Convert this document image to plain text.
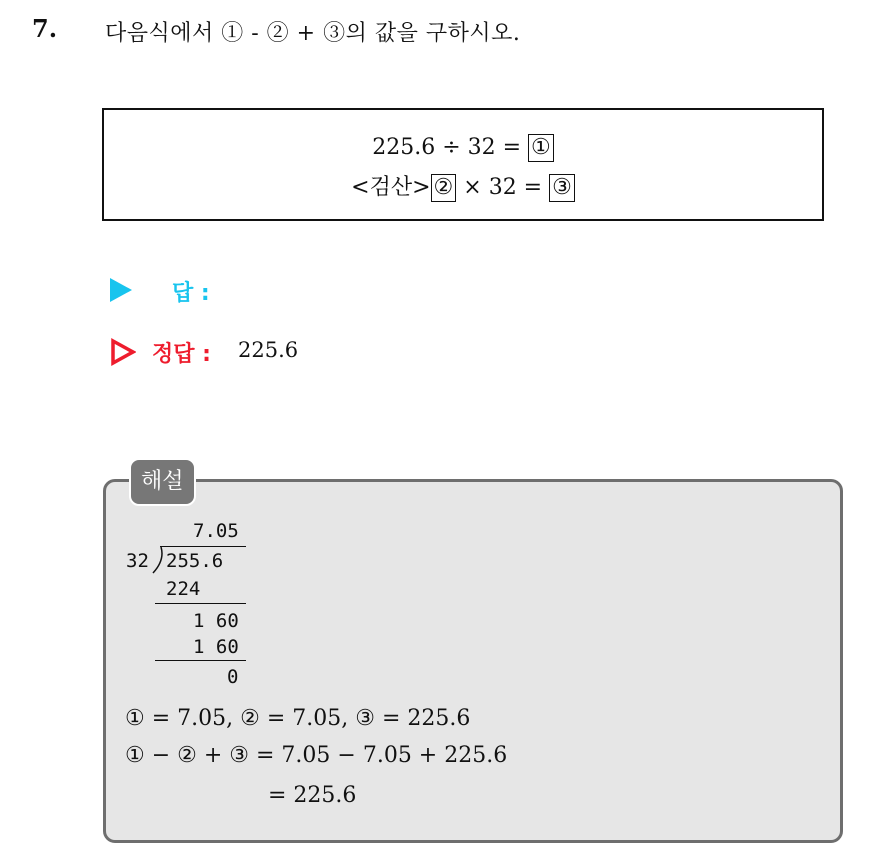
7. 다음식에서 ① - ② + ③의 값을 구하시오.
225.6 ÷ 32 = ①
<검산> ② × 32 = ③
답 :
정답 : 225.6
해설
7.05
32 255.6
224
1 60
1 60
0
① = 7.05, ② = 7.05, ③ = 225.6
① − ② + ③ = 7.05 − 7.05 + 225.6
= 225.6
